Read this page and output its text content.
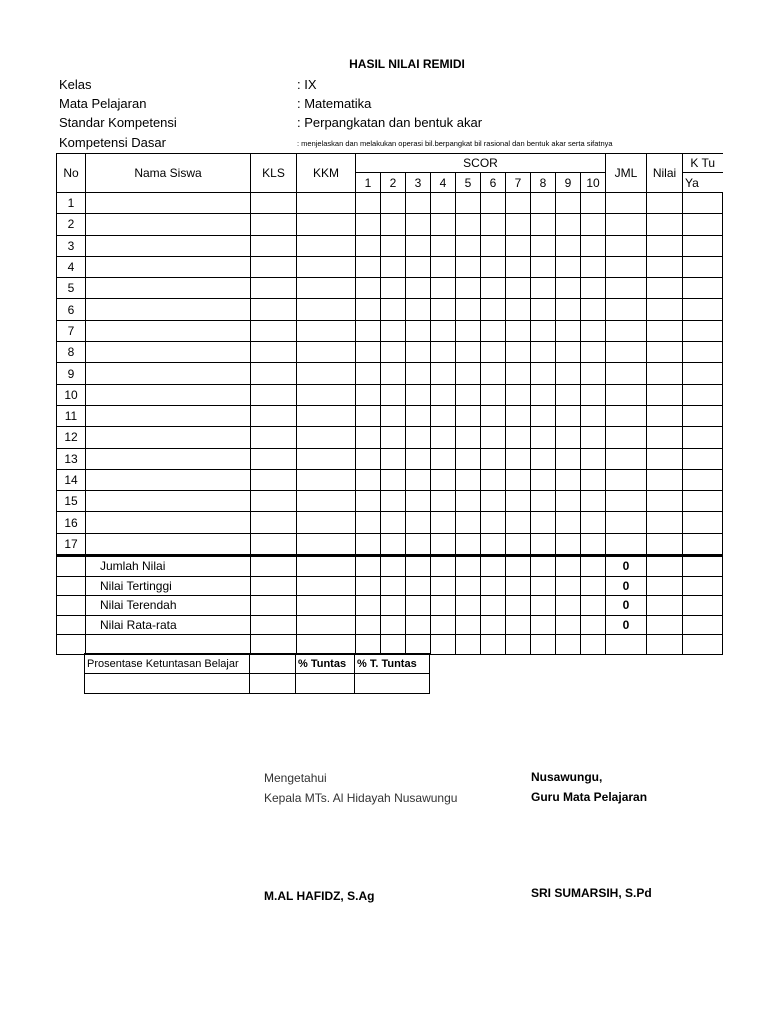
HASIL NILAI REMIDI
Kelas	: IX
Mata Pelajaran	: Matematika
Standar Kompetensi	: Perpangkatan dan bentuk akar
Kompetensi Dasar	: menjelaskan dan melakukan operasi bil.berpangkat bil rasional dan bentuk akar serta sifatnya
No	Nama Siswa	KLS	KKM	SCOR										JML	Nilai	K Tu
				1	2	3	4	5	6	7	8	9	10			Ya
1																
2																
3																
4																
5																
6																
7																
8																
9																
10																
11																
12																
13																
14																
15																
16																
17																
	Jumlah Nilai													0		
	Nilai Tertinggi													0		
	Nilai Terendah													0		
	Nilai Rata-rata													0		

Prosentase Ketuntasan Belajar		% Tuntas	% T. Tuntas

Mengetahui
Kepala MTs. Al Hidayah Nusawungu
M.AL HAFIDZ, S.Ag
Nusawungu,
Guru Mata Pelajaran
SRI SUMARSIH, S.Pd
